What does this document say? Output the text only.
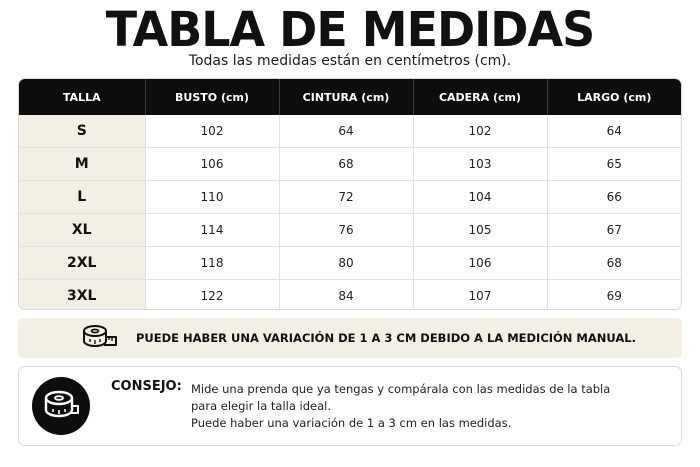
TABLA DE MEDIDAS
Todas las medidas están en centímetros (cm).
TALLA	BUSTO (cm)	CINTURA (cm)	CADERA (cm)	LARGO (cm)
S	102	64	102	64
M	106	68	103	65
L	110	72	104	66
XL	114	76	105	67
2XL	118	80	106	68
3XL	122	84	107	69
PUEDE HABER UNA VARIACIÓN DE 1 A 3 CM DEBIDO A LA MEDICIÓN MANUAL.
CONSEJO: Mide una prenda que ya tengas y compárala con las medidas de la tabla
para elegir la talla ideal.
Puede haber una variación de 1 a 3 cm en las medidas.
